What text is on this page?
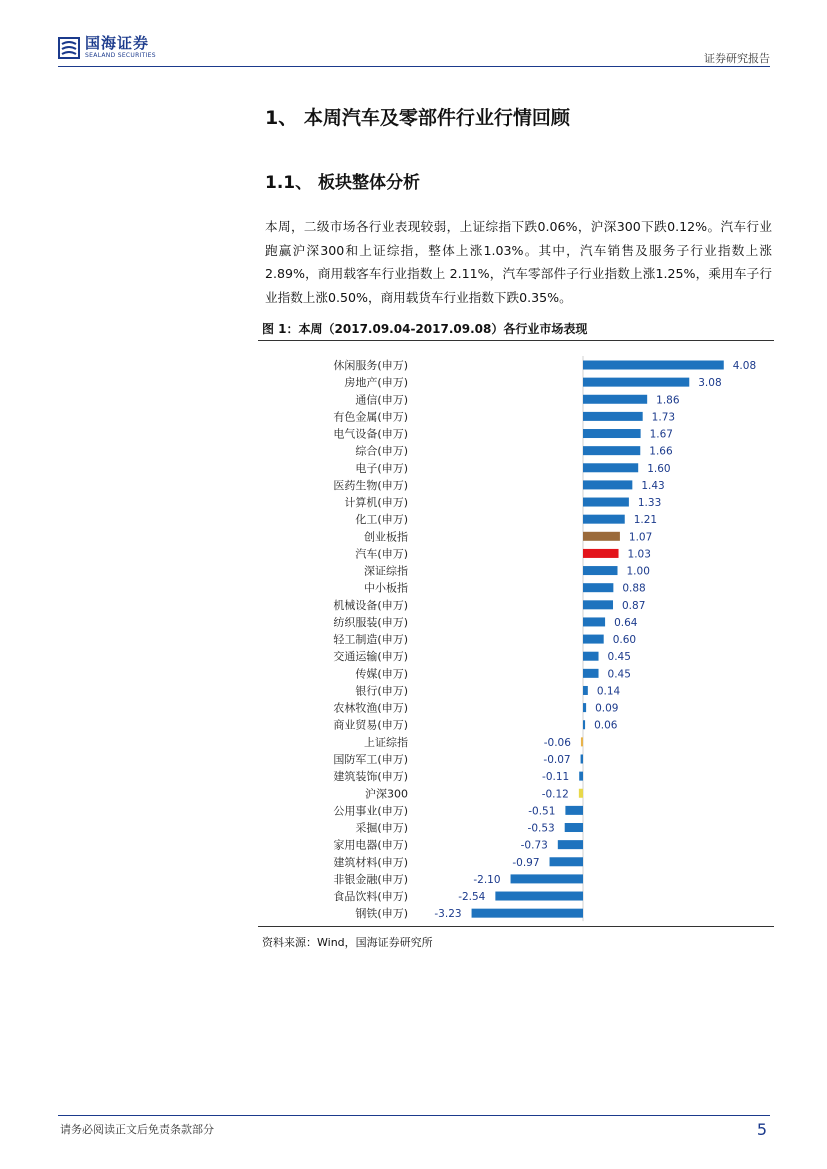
国海证券
SEALAND SECURITIES	证券研究报告
1、 本周汽车及零部件行业行情回顾
1.1、 板块整体分析
本周，二级市场各行业表现较弱，上证综指下跌0.06%，沪深300下跌0.12%。汽车行业跑赢沪深300和上证综指，整体上涨1.03%。其中，汽车销售及服务子行业指数上涨 2.89%，商用载客车行业指数上 2.11%，汽车零部件子行业指数上涨1.25%，乘用车子行业指数上涨0.50%，商用载货车行业指数下跌0.35%。
图 1：本周（2017.09.04-2017.09.08）各行业市场表现
休闲服务(申万)	4.08
房地产(申万)	3.08
通信(申万)	1.86
有色金属(申万)	1.73
电气设备(申万)	1.67
综合(申万)	1.66
电子(申万)	1.60
医药生物(申万)	1.43
计算机(申万)	1.33
化工(申万)	1.21
创业板指	1.07
汽车(申万)	1.03
深证综指	1.00
中小板指	0.88
机械设备(申万)	0.87
纺织服装(申万)	0.64
轻工制造(申万)	0.60
交通运输(申万)	0.45
传媒(申万)	0.45
银行(申万)	0.14
农林牧渔(申万)	0.09
商业贸易(申万)	0.06
上证综指	-0.06
国防军工(申万)	-0.07
建筑装饰(申万)	-0.11
沪深300	-0.12
公用事业(申万)	-0.51
采掘(申万)	-0.53
家用电器(申万)	-0.73
建筑材料(申万)	-0.97
非银金融(申万)	-2.10
食品饮料(申万)	-2.54
钢铁(申万)	-3.23
资料来源：Wind，国海证券研究所
请务必阅读正文后免责条款部分	5
